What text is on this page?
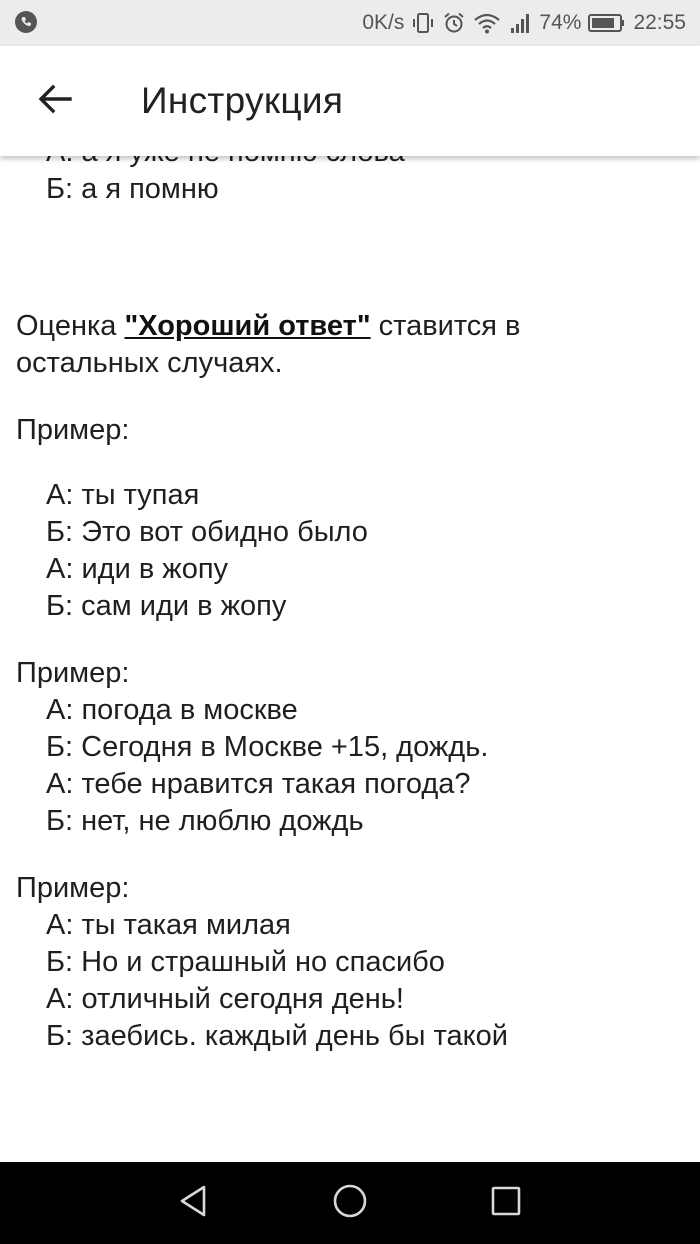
0K/s	74% 22:55
Б: а я помню
Оценка "Хороший ответ" ставится в
остальных случаях.
Пример:
А: ты тупая
Б: Это вот обидно было
А: иди в жопу
Б: сам иди в жопу
Пример:
А: погода в москве
Б: Сегодня в Москве +15, дождь.
А: тебе нравится такая погода?
Б: нет, не люблю дождь
Пример:
А: ты такая милая
Б: Но и страшный но спасибо
А: отличный сегодня день!
Б: заебись. каждый день бы такой
Инструкция
